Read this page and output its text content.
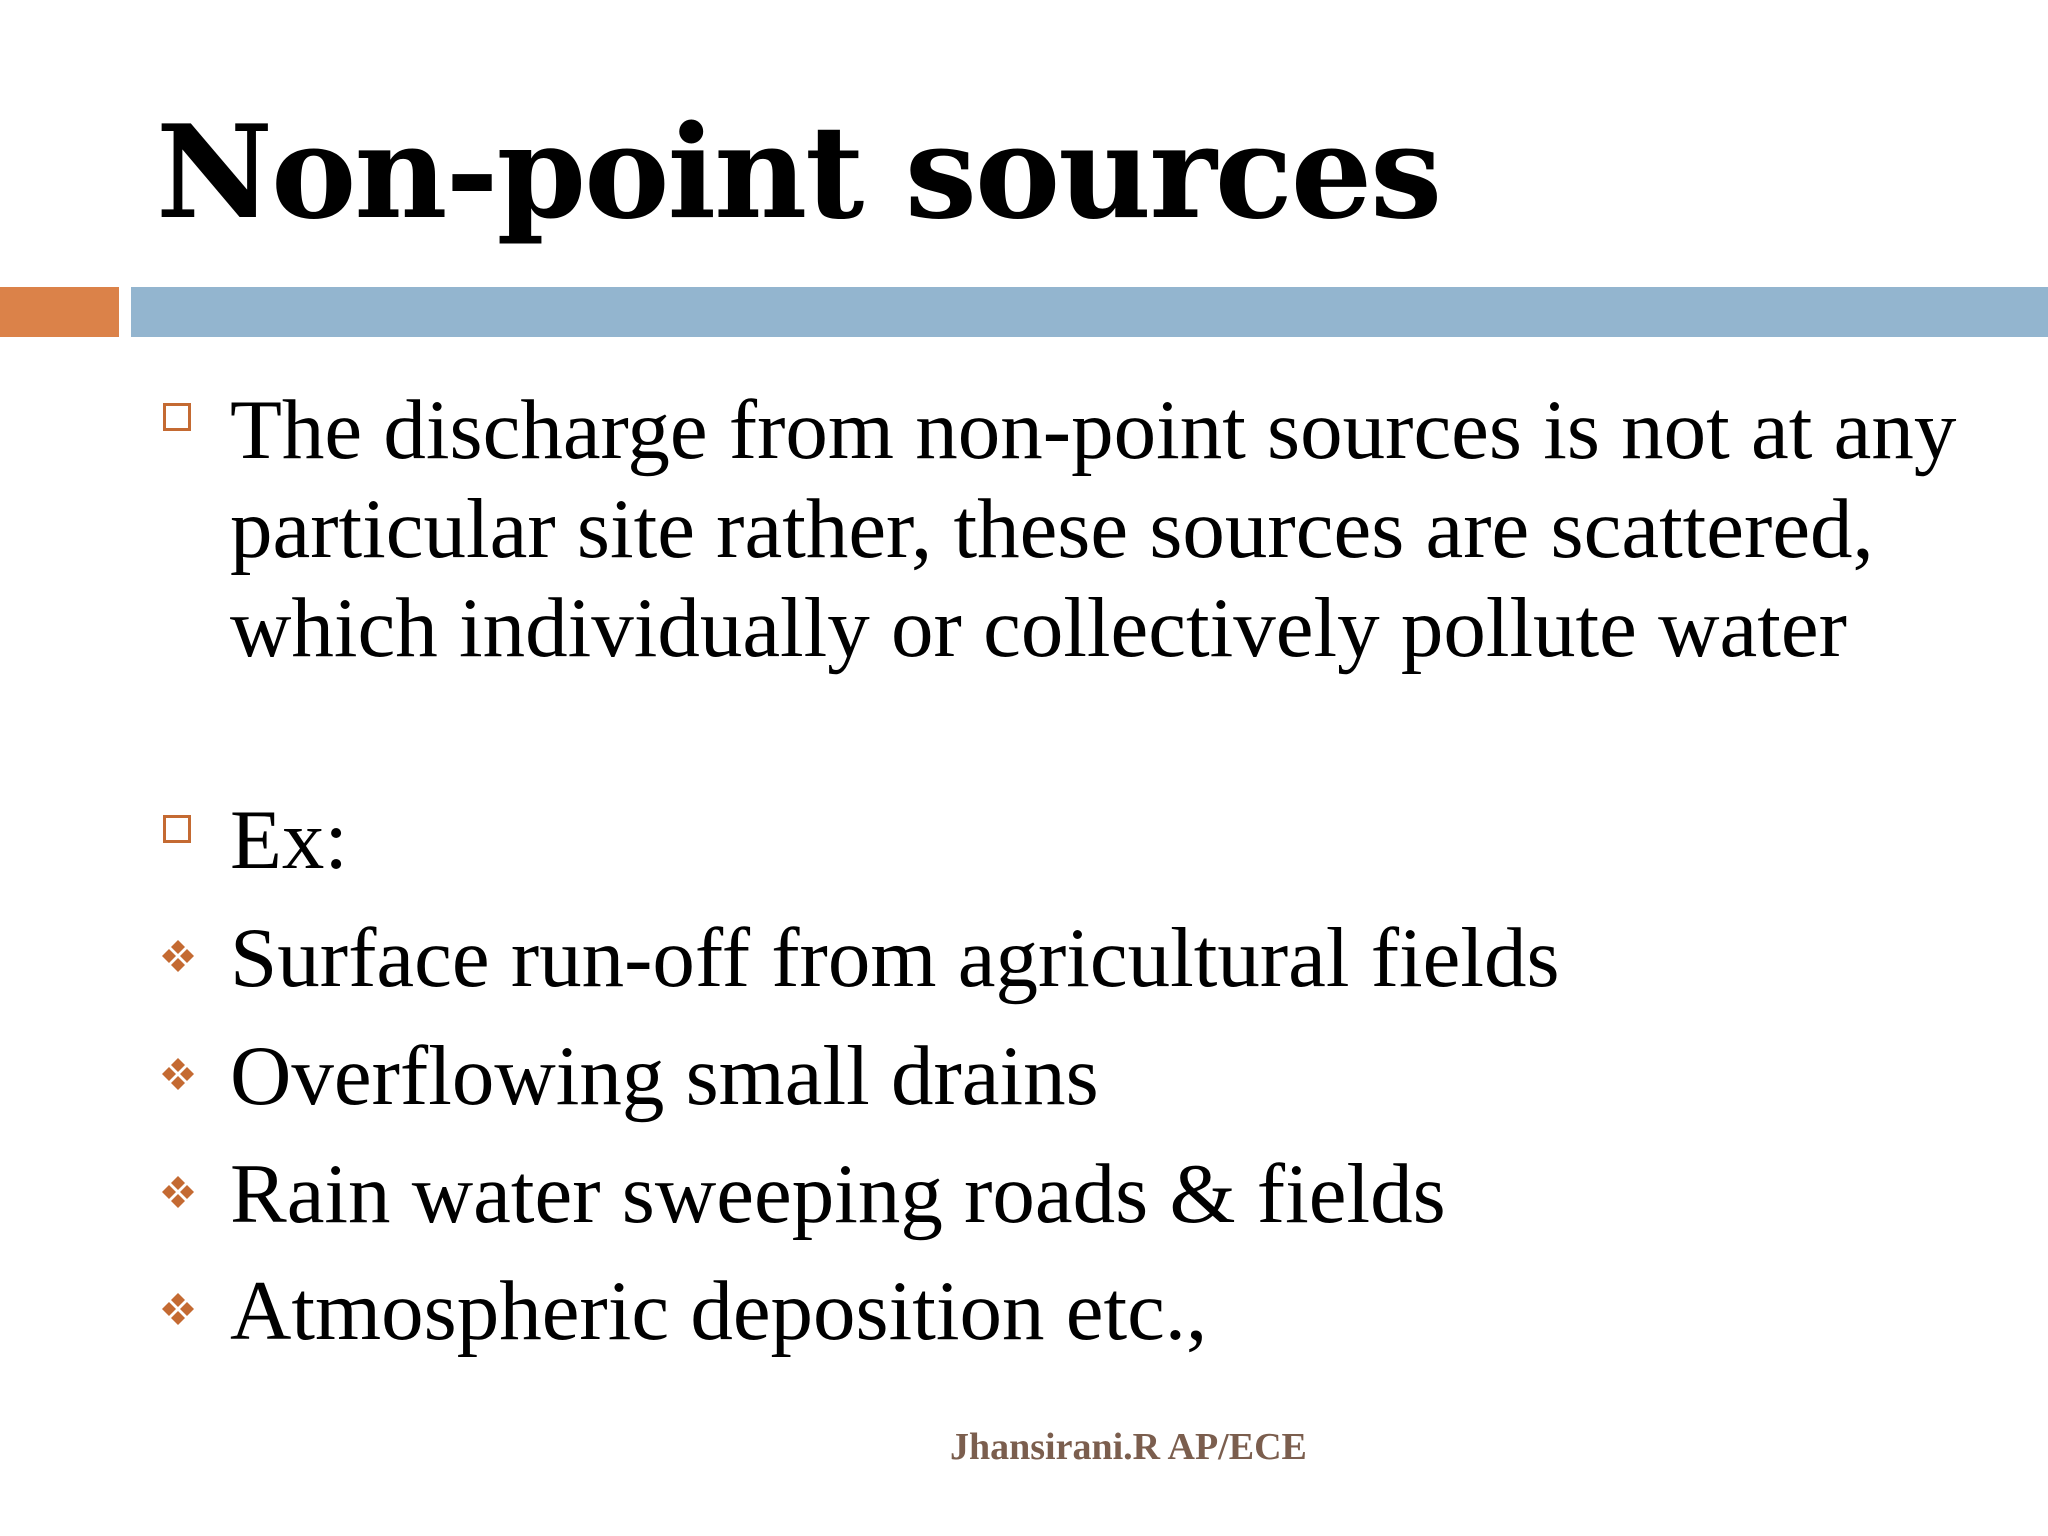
Non-point sources
The discharge from non-point sources is not at any particular site rather, these sources are scattered, which individually or collectively pollute water
Ex:
Surface run-off from agricultural fields
Overflowing small drains
Rain water sweeping roads & fields
Atmospheric deposition etc.,
Jhansirani.R AP/ECE
